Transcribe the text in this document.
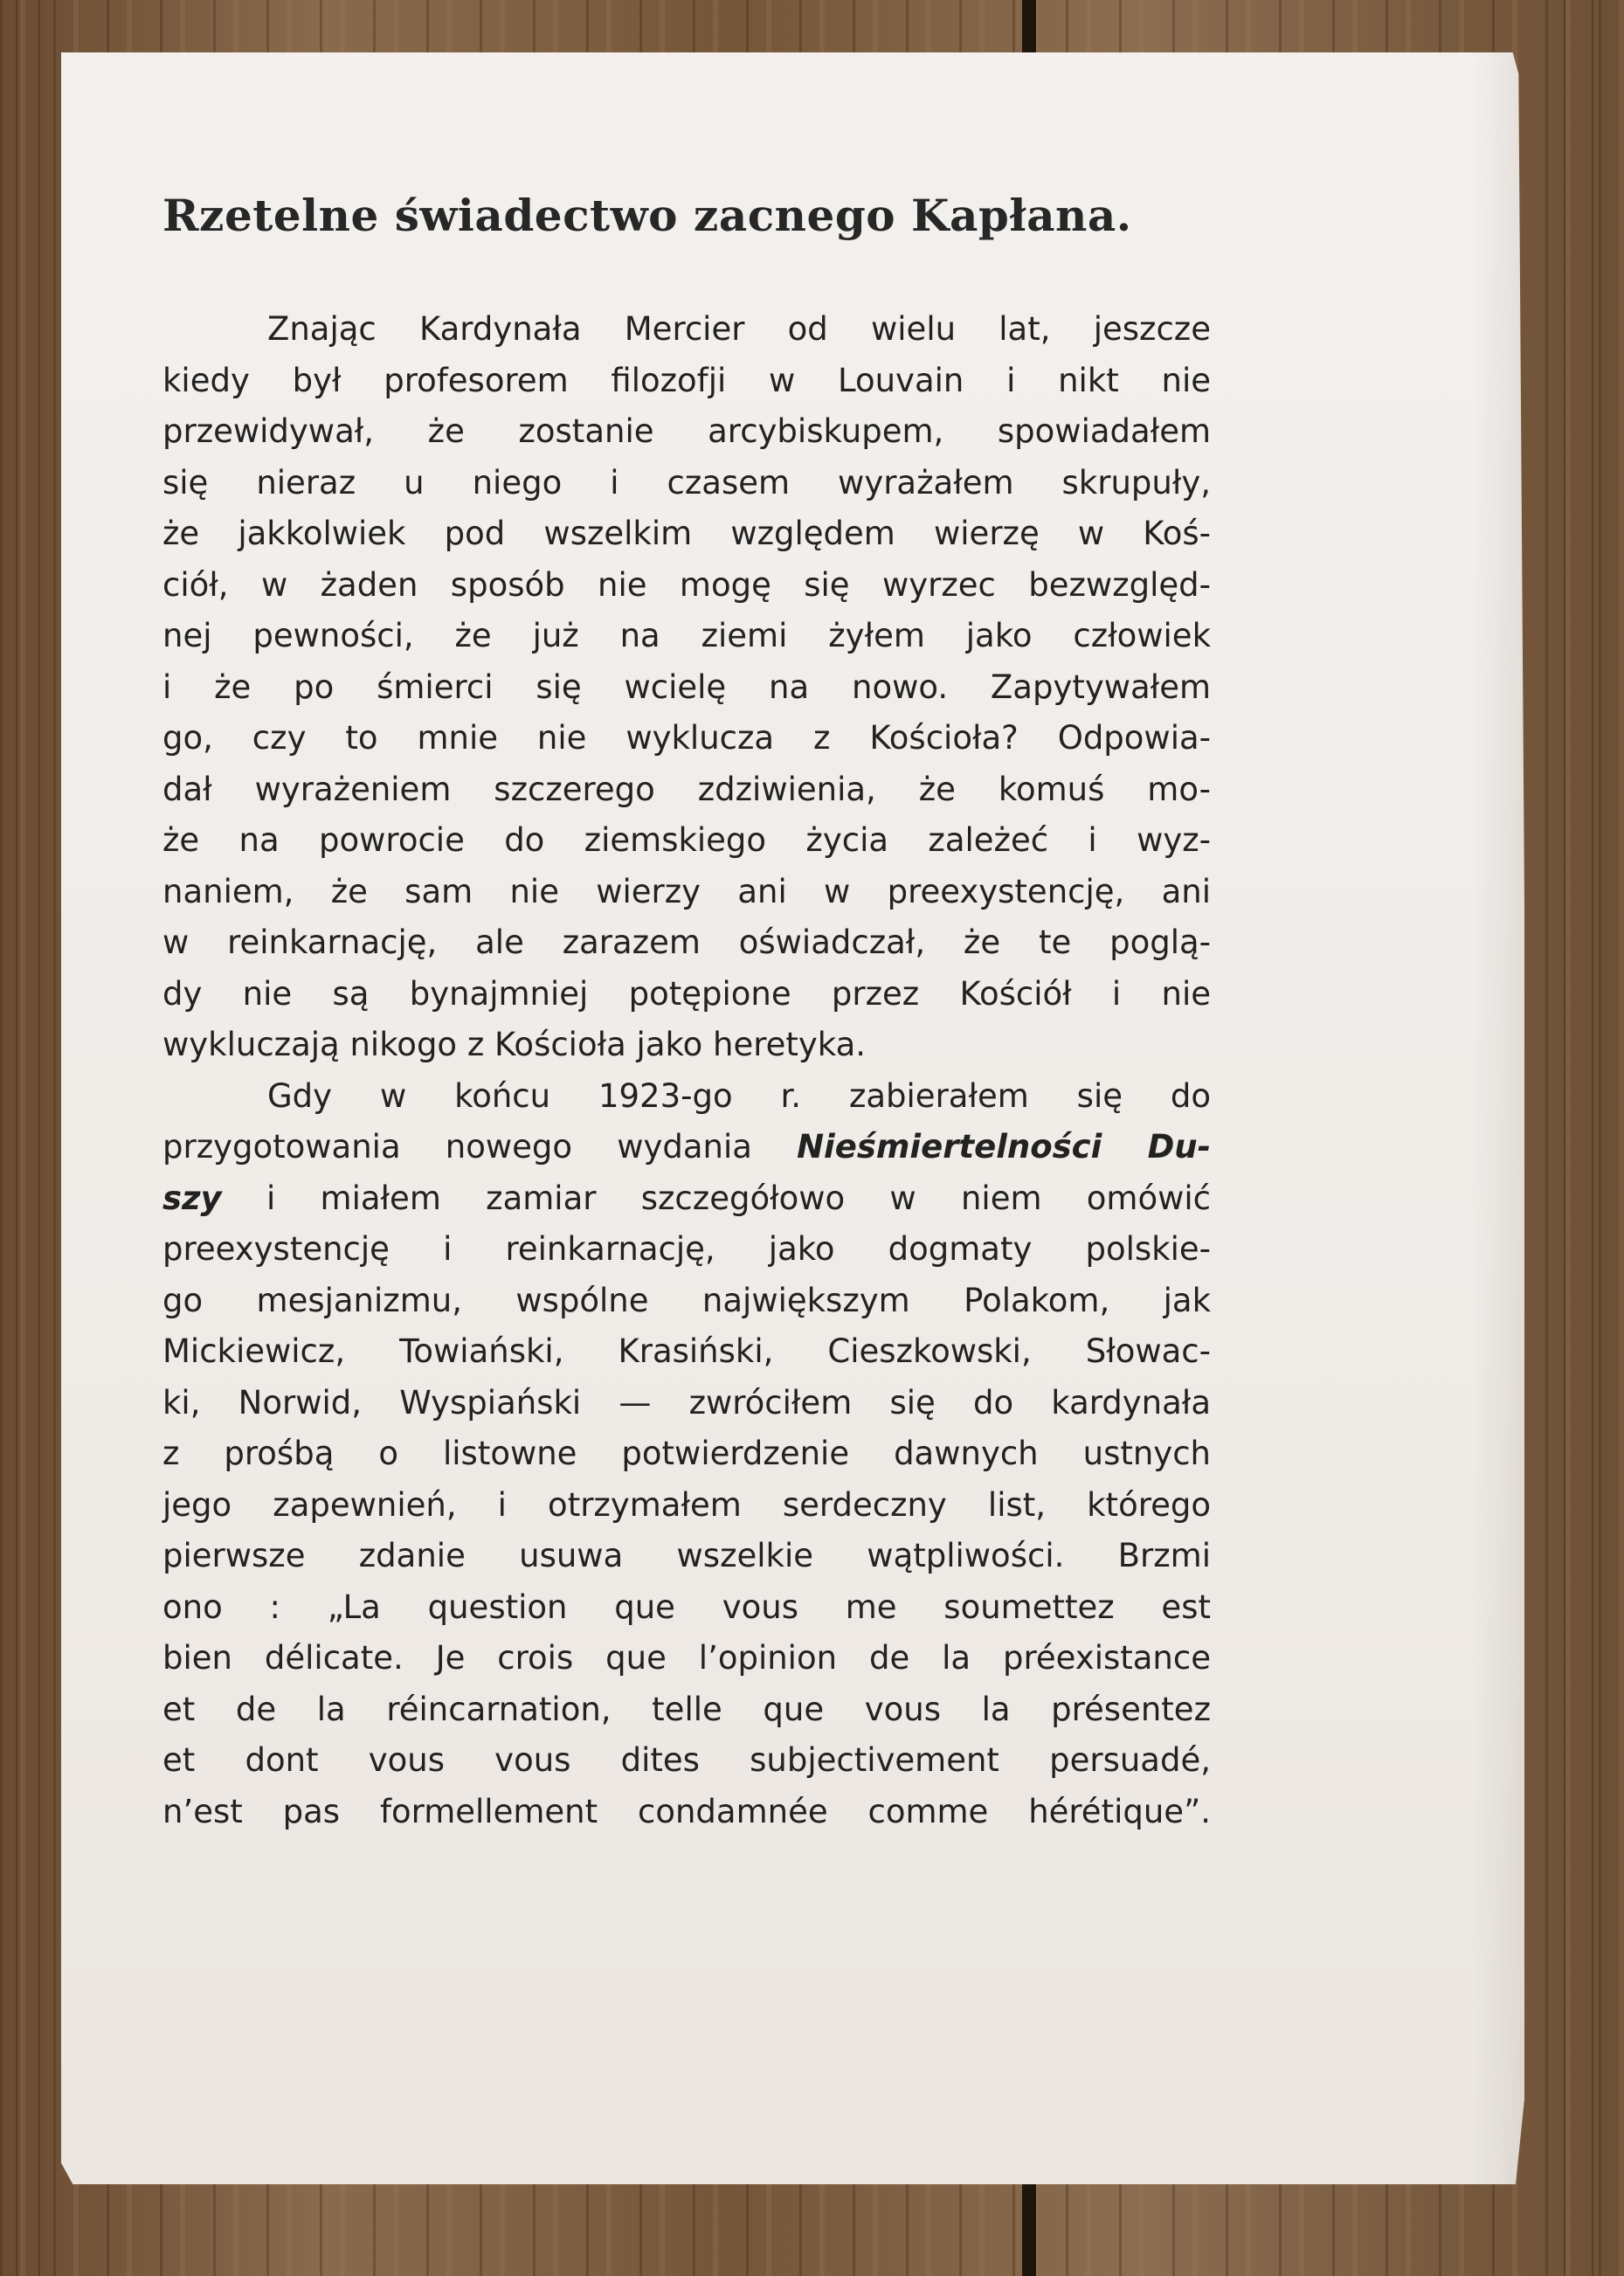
Rzetelne świadectwo zacnego Kapłana.

Znając Kardynała Mercier od wielu lat, jeszcze
kiedy był profesorem filozofji w Louvain i nikt nie
przewidywał, że zostanie arcybiskupem, spowiadałem
się nieraz u niego i czasem wyrażałem skrupuły,
że jakkolwiek pod wszelkim względem wierzę w Koś-
ciół, w żaden sposób nie mogę się wyrzec bezwzględ-
nej pewności, że już na ziemi żyłem jako człowiek
i że po śmierci się wcielę na nowo. Zapytywałem
go, czy to mnie nie wyklucza z Kościoła? Odpowia-
dał wyrażeniem szczerego zdziwienia, że komuś mo-
że na powrocie do ziemskiego życia zależeć i wyz-
naniem, że sam nie wierzy ani w preexystencję, ani
w reinkarnację, ale zarazem oświadczał, że te poglą-
dy nie są bynajmniej potępione przez Kościół i nie
wykluczają nikogo z Kościoła jako heretyka.

Gdy w końcu 1923-go r. zabierałem się do
przygotowania nowego wydania Nieśmiertelności Du-
szy i miałem zamiar szczegółowo w niem omówić
preexystencję i reinkarnację, jako dogmaty polskie-
go mesjanizmu, wspólne największym Polakom, jak
Mickiewicz, Towiański, Krasiński, Cieszkowski, Słowac-
ki, Norwid, Wyspiański — zwróciłem się do kardynała
z prośbą o listowne potwierdzenie dawnych ustnych
jego zapewnień, i otrzymałem serdeczny list, którego
pierwsze zdanie usuwa wszelkie wątpliwości. Brzmi
ono : „La question que vous me soumettez est
bien délicate. Je crois que l’opinion de la préexistance
et de la réincarnation, telle que vous la présentez
et dont vous vous dites subjectivement persuadé,
n’est pas formellement condamnée comme hérétique”.
